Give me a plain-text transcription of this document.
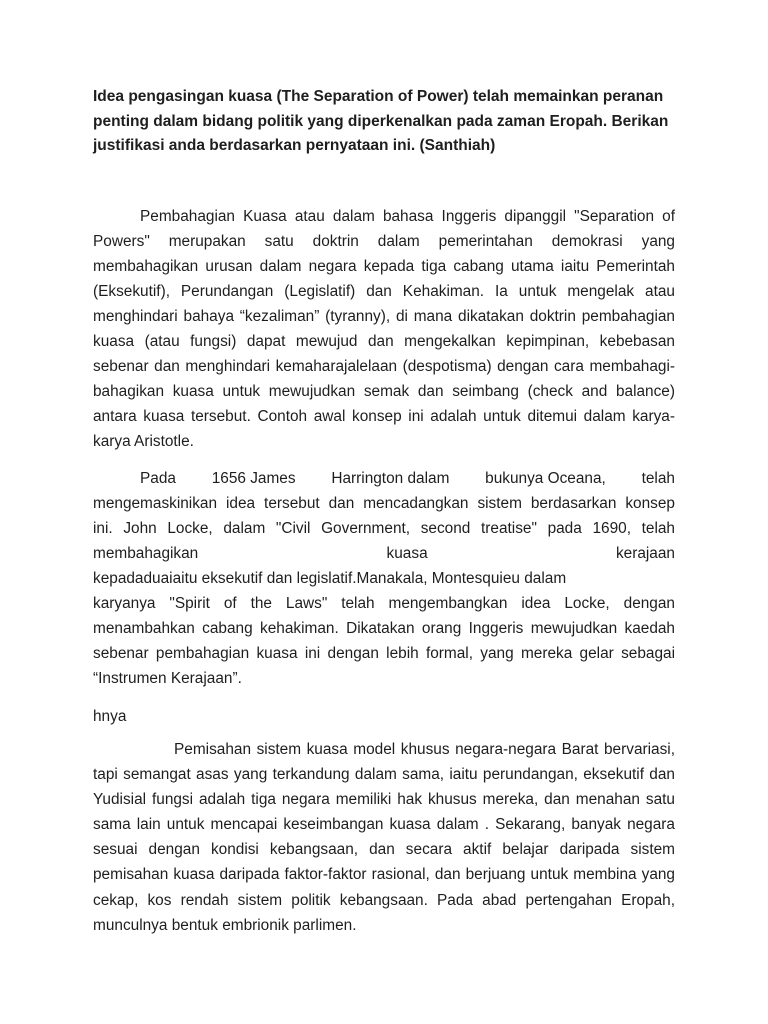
Idea pengasingan kuasa (The Separation of Power) telah memainkan peranan
penting dalam bidang politik yang diperkenalkan pada zaman Eropah. Berikan
justifikasi anda berdasarkan pernyataan ini. (Santhiah)
Pembahagian Kuasa atau dalam bahasa Inggeris dipanggil "Separation of
Powers" merupakan satu doktrin dalam pemerintahan demokrasi yang
membahagikan urusan dalam negara kepada tiga cabang utama iaitu Pemerintah
(Eksekutif), Perundangan (Legislatif) dan Kehakiman. Ia untuk mengelak atau
menghindari bahaya “kezaliman” (tyranny), di mana dikatakan doktrin pembahagian
kuasa (atau fungsi) dapat mewujud dan mengekalkan kepimpinan, kebebasan
sebenar dan menghindari kemaharajalelaan (despotisma) dengan cara membahagi-
bahagikan kuasa untuk mewujudkan semak dan seimbang (check and balance)
antara kuasa tersebut. Contoh awal konsep ini adalah untuk ditemui dalam karya-
karya Aristotle.
Pada 1656 James Harrington dalam bukunya Oceana, telah
mengemaskinikan idea tersebut dan mencadangkan sistem berdasarkan konsep
ini. John Locke, dalam "Civil Government, second treatise" pada 1690, telah
membahagikan kuasa kerajaan
kepadaduaiaitu eksekutif dan legislatif.Manakala, Montesquieu dalam
karyanya "Spirit of the Laws" telah mengembangkan idea Locke, dengan
menambahkan cabang kehakiman. Dikatakan orang Inggeris mewujudkan kaedah
sebenar pembahagian kuasa ini dengan lebih formal, yang mereka gelar sebagai
“Instrumen Kerajaan”.
hnya
Pemisahan sistem kuasa model khusus negara-negara Barat bervariasi,
tapi semangat asas yang terkandung dalam sama, iaitu perundangan, eksekutif dan
Yudisial fungsi adalah tiga negara memiliki hak khusus mereka, dan menahan satu
sama lain untuk mencapai keseimbangan kuasa dalam . Sekarang, banyak negara
sesuai dengan kondisi kebangsaan, dan secara aktif belajar daripada sistem
pemisahan kuasa daripada faktor-faktor rasional, dan berjuang untuk membina yang
cekap, kos rendah sistem politik kebangsaan. Pada abad pertengahan Eropah,
munculnya bentuk embrionik parlimen.
